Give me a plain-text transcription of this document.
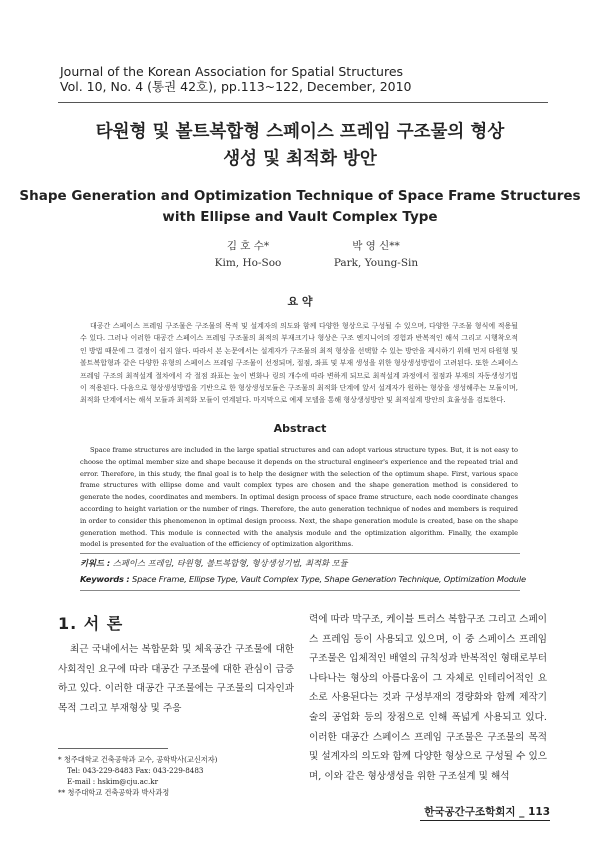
Journal of the Korean Association for Spatial Structures
Vol. 10, No. 4 (통권 42호), pp.113~122, December, 2010
타원형 및 볼트복합형 스페이스 프레임 구조물의 형상
생성 및 최적화 방안
Shape Generation and Optimization Technique of Space Frame Structures
with Ellipse and Vault Complex Type
김 호 수*
Kim, Ho-Soo
박 영 신**
Park, Young-Sin
요 약

대공간 스페이스 프레임 구조물은 구조물의 목적 및 설계자의 의도와 함께 다양한 형상으로 구성될 수 있으며, 다양한 구조물 형식에 적용될 수 있다. 그러나 이러한 대공간 스페이스 프레임 구조물의 최적의 부재크기나 형상은 구조 엔지니어의 경험과 반복적인 해석 그리고 시행착오적인 방법 때문에 그 결정이 쉽지 않다. 따라서 본 논문에서는 설계자가 구조물의 최적 형상을 선택할 수 있는 방안을 제시하기 위해 먼저 타원형 및 볼트복합형과 같은 다양한 유형의 스페이스 프레임 구조물이 선정되며, 절점, 좌표 및 부재 생성을 위한 형상생성방법이 고려된다. 또한 스페이스 프레임 구조의 최적설계 절차에서 각 절점 좌표는 높이 변화나 링의 개수에 따라 변하게 되므로 최적설계 과정에서 절점과 부재의 자동생성기법이 적용된다. 다음으로 형상생성방법을 기반으로 한 형상생성모듈은 구조물의 최적화 단계에 앞서 설계자가 원하는 형상을 생성해주는 모듈이며, 최적화 단계에서는 해석 모듈과 최적화 모듈이 연계된다. 마지막으로 예제 모델을 통해 형상생성방안 및 최적설계 방안의 효율성을 검토한다.

Abstract

Space frame structures are included in the large spatial structures and can adopt various structure types. But, it is not easy to choose the optimal member size and shape because it depends on the structural engineer's experience and the repeated trial and error. Therefore, in this study, the final goal is to help the designer with the selection of the optimum shape. First, various space frame structures with ellipse dome and vault complex types are chosen and the shape generation method is considered to generate the nodes, coordinates and members. In optimal design process of space frame structure, each node coordinate changes according to height variation or the number of rings. Therefore, the auto generation technique of nodes and members is required in order to consider this phenomenon in optimal design process. Next, the shape generation module is created, base on the shape generation method. This module is connected with the analysis module and the optimization algorithm. Finally, the example model is presented for the evaluation of the efficiency of optimization algorithms.

키워드 : 스페이스 프레임, 타원형, 볼트복합형, 형상생성기법, 최적화 모듈
Keywords : Space Frame, Ellipse Type, Vault Complex Type, Shape Generation Technique, Optimization Module
1. 서 론

최근 국내에서는 복합문화 및 체육공간 구조물에 대한 사회적인 요구에 따라 대공간 구조물에 대한 관심이 급증하고 있다. 이러한 대공간 구조물에는 구조물의 디자인과 목적 그리고 부재형상 및 주응

력에 따라 막구조, 케이블 트러스 복합구조 그리고 스페이스 프레임 등이 사용되고 있으며, 이 중 스페이스 프레임 구조물은 입체적인 배열의 규칙성과 반복적인 형태로부터 나타나는 형상의 아름다움이 그 자체로 인테리어적인 요소로 사용된다는 것과 구성부재의 경량화와 함께 제작기술의 공업화 등의 장점으로 인해 폭넓게 사용되고 있다. 이러한 대공간 스페이스 프레임 구조물은 구조물의 목적 및 설계자의 의도와 함께 다양한 형상으로 구성될 수 있으며, 이와 같은 형상생성을 위한 구조설계 및 해석

* 청주대학교 건축공학과 교수, 공학박사(교신저자)
Tel: 043-229-8483 Fax: 043-229-8483
E-mail : hskim@cju.ac.kr
** 청주대학교 건축공학과 박사과정
한국공간구조학회지 _ 113
